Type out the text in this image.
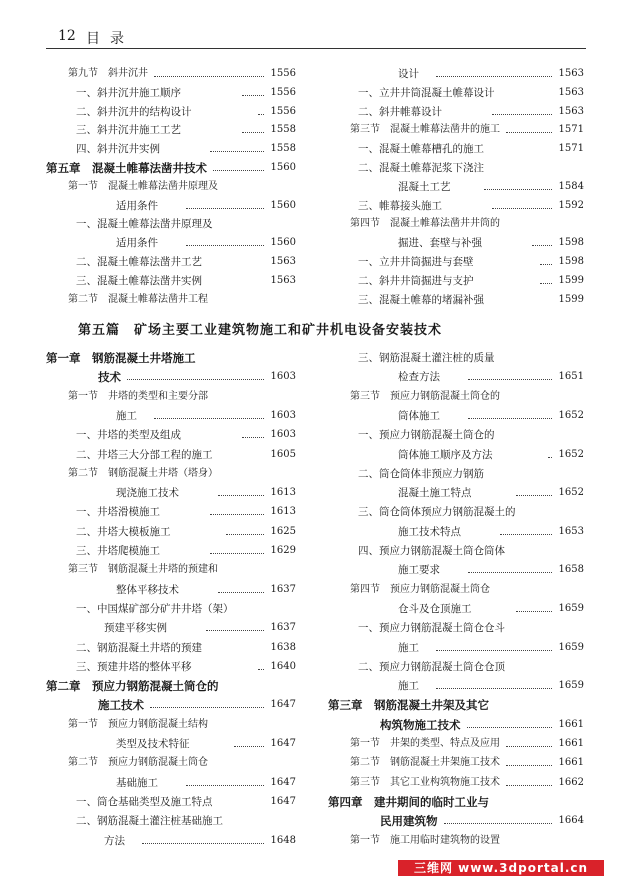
12 目录
第九节　斜井沉井	1556
一、斜井沉井施工顺序	1556
二、斜井沉井的结构设计	1556
三、斜井沉井施工工艺	1558
四、斜井沉井实例	1558
第五章　混凝土帷幕法凿井技术	1560
第一节　混凝土帷幕法凿井原理及
适用条件	1560
一、混凝土帷幕法凿井原理及
适用条件	1560
二、混凝土帷幕法凿井工艺	1563
三、混凝土帷幕法凿井实例	1563
第二节　混凝土帷幕法凿井工程
设计	1563
一、立井井筒混凝土帷幕设计	1563
二、斜井帷幕设计	1563
第三节　混凝土帷幕法凿井的施工	1571
一、混凝土帷幕槽孔的施工	1571
二、混凝土帷幕泥浆下浇注
混凝土工艺	1584
三、帷幕接头施工	1592
第四节　混凝土帷幕法凿井井筒的
掘进、套壁与补强	1598
一、立井井筒掘进与套壁	1598
二、斜井井筒掘进与支护	1599
三、混凝土帷幕的堵漏补强	1599
第五篇　矿场主要工业建筑物施工和矿井机电设备安装技术
第一章　钢筋混凝土井塔施工
技术	1603
第一节　井塔的类型和主要分部
施工	1603
一、井塔的类型及组成	1603
二、井塔三大分部工程的施工	1605
第二节　钢筋混凝土井塔（塔身）
现浇施工技术	1613
一、井塔滑模施工	1613
二、井塔大模板施工	1625
三、井塔爬模施工	1629
第三节　钢筋混凝土井塔的预建和
整体平移技术	1637
一、中国煤矿部分矿井井塔（架）
预建平移实例	1637
二、钢筋混凝土井塔的预建	1638
三、预建井塔的整体平移	1640
第二章　预应力钢筋混凝土筒仓的
施工技术	1647
第一节　预应力钢筋混凝土结构
类型及技术特征	1647
第二节　预应力钢筋混凝土筒仓
基础施工	1647
一、筒仓基础类型及施工特点	1647
二、钢筋混凝土灌注桩基础施工
方法	1648
三、钢筋混凝土灌注桩的质量
检查方法	1651
第三节　预应力钢筋混凝土筒仓的
筒体施工	1652
一、预应力钢筋混凝土筒仓的
筒体施工顺序及方法	1652
二、筒仓筒体非预应力钢筋
混凝土施工特点	1652
三、筒仓筒体预应力钢筋混凝土的
施工技术特点	1653
四、预应力钢筋混凝土筒仓筒体
施工要求	1658
第四节　预应力钢筋混凝土筒仓
仓斗及仓顶施工	1659
一、预应力钢筋混凝土筒仓仓斗
施工	1659
二、预应力钢筋混凝土筒仓仓顶
施工	1659
第三章　钢筋混凝土井架及其它
构筑物施工技术	1661
第一节　井架的类型、特点及应用	1661
第二节　钢筋混凝土井架施工技术	1661
第三节　其它工业构筑物施工技术	1662
第四章　建井期间的临时工业与
民用建筑物	1664
第一节　施工用临时建筑物的设置
三维网 www.3dportal.cn
